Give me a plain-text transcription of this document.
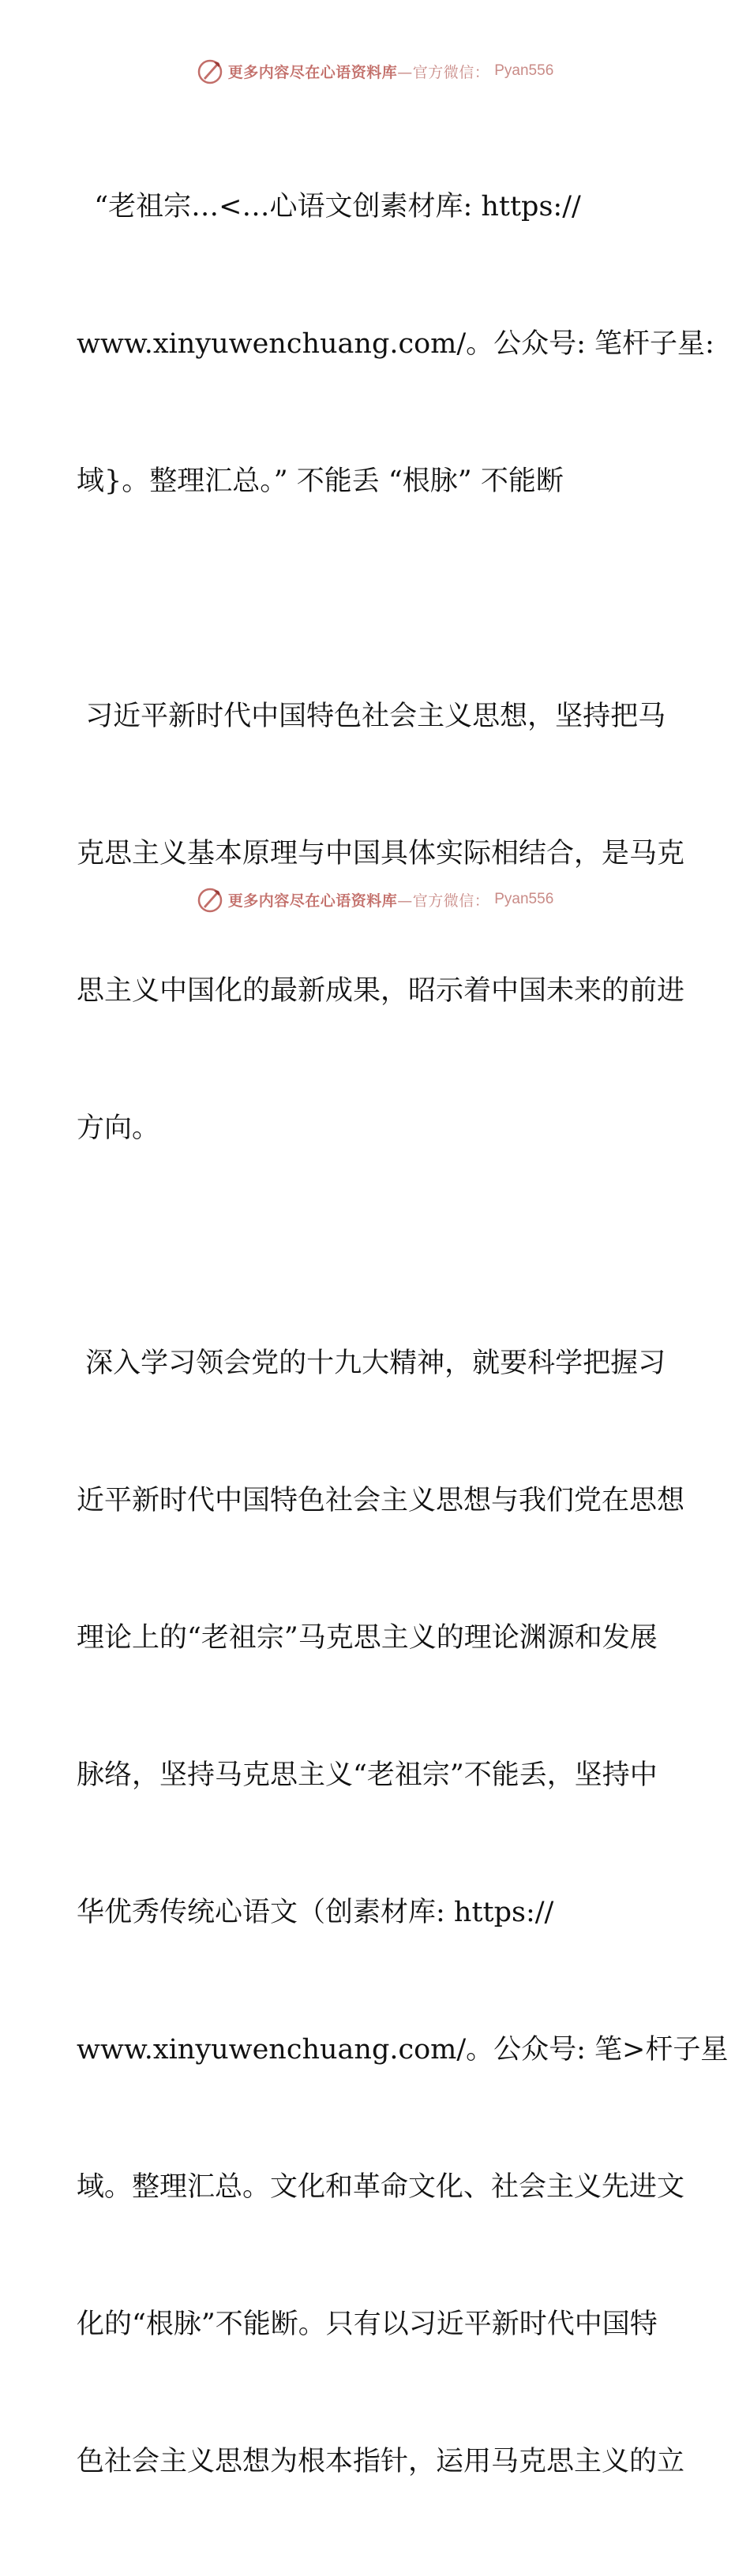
更多内容尽在心语资料库—官方微信： Pyan556

“老祖宗…<…心语文创素材库: https://

www.xinyuwenchuang.com/。公众号: 笔杆子星:

域}。整理汇总。” 不能丢 “根脉” 不能断

习近平新时代中国特色社会主义思想，坚持把马

克思主义基本原理与中国具体实际相结合，是马克

思主义中国化的最新成果，昭示着中国未来的前进

方向。

深入学习领会党的十九大精神，就要科学把握习

近平新时代中国特色社会主义思想与我们党在思想

理论上的“老祖宗”马克思主义的理论渊源和发展

脉络，坚持马克思主义“老祖宗”不能丢，坚持中

华优秀传统心语文（创素材库: https://

www.xinyuwenchuang.com/。公众号: 笔>杆子星

域。整理汇总。文化和革命文化、社会主义先进文

化的“根脉”不能断。只有以习近平新时代中国特

色社会主义思想为根本指针，运用马克思主义的立

更多内容尽在心语资料库—官方微信： Pyan556
